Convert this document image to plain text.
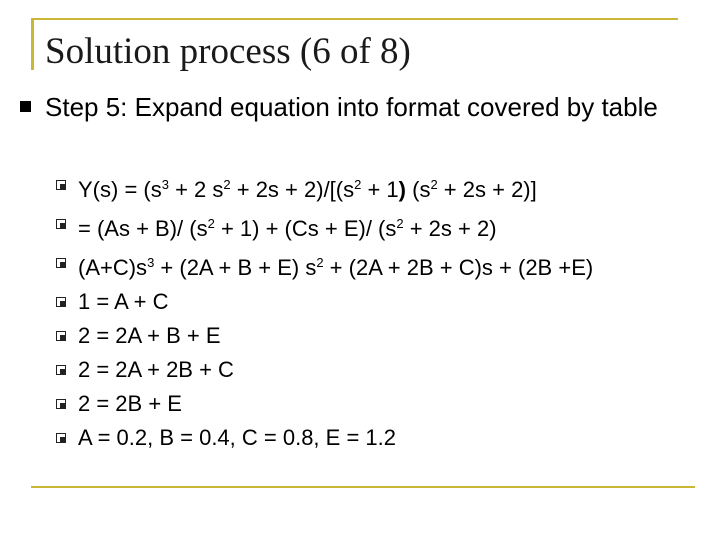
Solution process (6 of 8)
Step 5: Expand equation into format covered by table
$Y(s) = (s^3 + 2$ $s^2 + 2s + 2)/[(s^2 + 1)$ $(s^2 + 2s + 2)$]
= (As + B)/ $(s^2 + 1) + (Cs + E)/$ $(s^2 + 2s + 2)$
$(A+C)s^3 + (2A + B + E) s^2 + (2A + 2B + C)s + (2B +E)$
1 = A + C
2 = 2A + B + E
2 = 2A + 2B + C
2 = 2B + E
A = 0.2, B = 0.4, C = 0.8, E = 1.2
